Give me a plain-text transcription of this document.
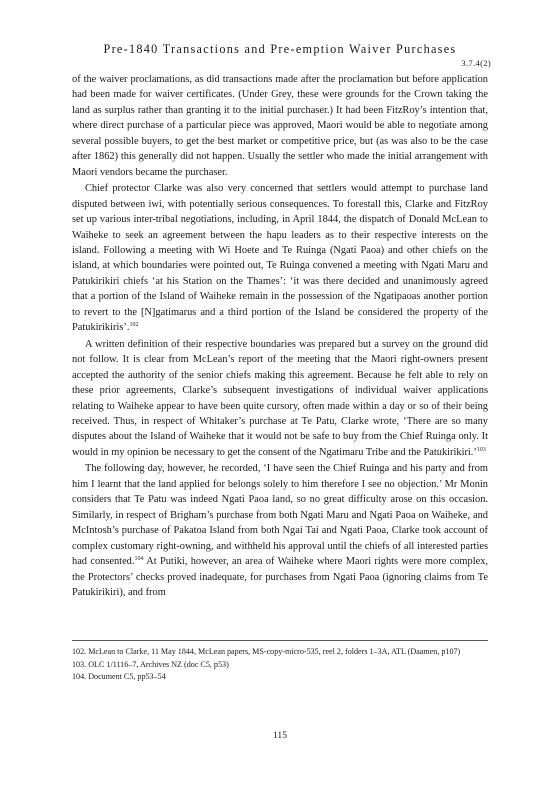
Pre-1840 Transactions and Pre-emption Waiver Purchases
3.7.4(2)

of the waiver proclamations, as did transactions made after the proclamation but before application had been made for waiver certificates. (Under Grey, these were grounds for the Crown taking the land as surplus rather than granting it to the initial purchaser.) It had been FitzRoy’s intention that, where direct purchase of a particular piece was approved, Maori would be able to negotiate among several possible buyers, to get the best market or competitive price, but (as was also to be the case after 1862) this generally did not happen. Usually the settler who made the initial arrangement with Maori vendors became the purchaser.

Chief protector Clarke was also very concerned that settlers would attempt to purchase land disputed between iwi, with potentially serious consequences. To forestall this, Clarke and FitzRoy set up various inter-tribal negotiations, including, in April 1844, the dispatch of Donald McLean to Waiheke to seek an agreement between the hapu leaders as to their respective interests on the island. Following a meeting with Wi Hoete and Te Ruinga (Ngati Paoa) and other chiefs on the island, at which boundaries were pointed out, Te Ruinga convened a meeting with Ngati Maru and Patukirikiri chiefs ‘at his Station on the Thames’: ‘it was there decided and unanimously agreed that a portion of the Island of Waiheke remain in the possession of the Ngatipaoas another portion to revert to the [N]gatimarus and a third portion of the Island be considered the property of the Patukirikiris’.$^{102}$

A written definition of their respective boundaries was prepared but a survey on the ground did not follow. It is clear from McLean’s report of the meeting that the Maori right-owners present accepted the authority of the senior chiefs making this agreement. Because he felt able to rely on these prior agreements, Clarke’s subsequent investigations of individual waiver applications relating to Waiheke appear to have been quite cursory, often made within a day or so of their being received. Thus, in respect of Whitaker’s purchase at Te Patu, Clarke wrote, ‘There are so many disputes about the Island of Waiheke that it would not be safe to buy from the Chief Ruinga only. It would in my opinion be necessary to get the consent of the Ngatimaru Tribe and the Patukirikiri.’$^{103}$

The following day, however, he recorded, ‘I have seen the Chief Ruinga and his party and from him I learnt that the land applied for belongs solely to him therefore I see no objection.’ Mr Monin considers that Te Patu was indeed Ngati Paoa land, so no great difficulty arose on this occasion. Similarly, in respect of Brigham’s purchase from both Ngati Maru and Ngati Paoa on Waiheke, and McIntosh’s purchase of Pakatoa Island from both Ngai Tai and Ngati Paoa, Clarke took account of complex customary right-owning, and withheld his approval until the chiefs of all interested parties had consented.$^{104}$ At Putiki, however, an area of Waiheke where Maori rights were more complex, the Protectors’ checks proved inadequate, for purchases from Ngati Paoa (ignoring claims from Te Patukirikiri), and from

102. McLean to Clarke, 11 May 1844, McLean papers, MS-copy-micro-535, reel 2, folders 1–3A, ATL (Daamen, p107)

103. OLC 1/1116–7, Archives NZ (doc C5, p53)

104. Document C5, pp53–54

115
